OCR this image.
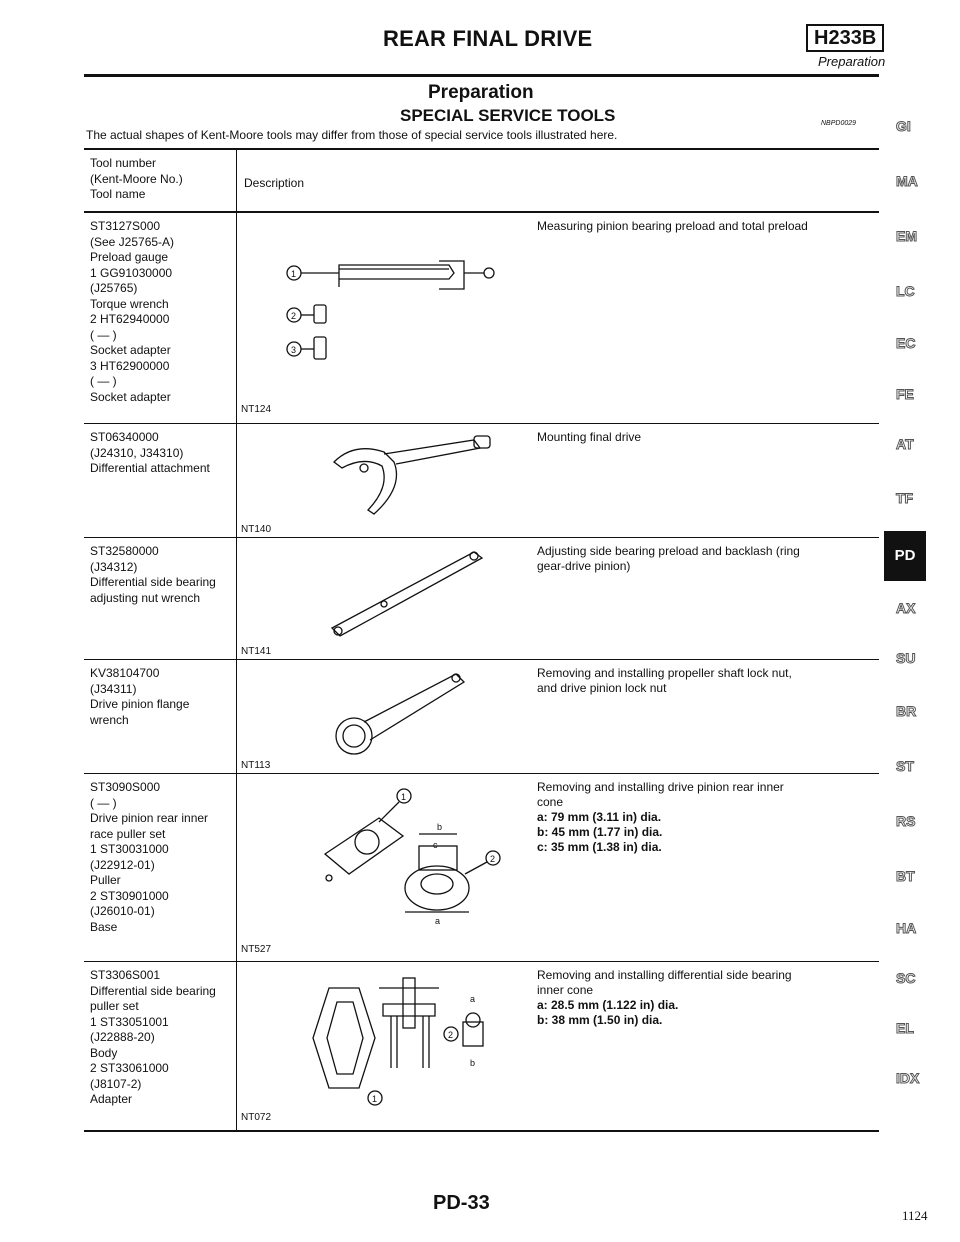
REAR FINAL DRIVE	H233B
Preparation
Preparation
SPECIAL SERVICE TOOLS	NBPD0029
The actual shapes of Kent-Moore tools may differ from those of special service tools illustrated here.
Tool number
(Kent-Moore No.)
Tool name
Description
ST3127S000
(See J25765-A)
Preload gauge
1 GG91030000
(J25765)
Torque wrench
2 HT62940000
( — )
Socket adapter
3 HT62900000
( — )
Socket adapter
1
2
3
NT124
Measuring pinion bearing preload and total preload
ST06340000
(J24310, J34310)
Differential attachment
NT140
Mounting final drive
ST32580000
(J34312)
Differential side bearing
adjusting nut wrench
NT141
Adjusting side bearing preload and backlash (ring
gear-drive pinion)
KV38104700
(J34311)
Drive pinion flange
wrench
NT113
Removing and installing propeller shaft lock nut,
and drive pinion lock nut
ST3090S000
( — )
Drive pinion rear inner
race puller set
1 ST30031000
(J22912-01)
Puller
2 ST30901000
(J26010-01)
Base
1
b
c
a
2
NT527
Removing and installing drive pinion rear inner
cone
a: 79 mm (3.11 in) dia.
b: 45 mm (1.77 in) dia.
c: 35 mm (1.38 in) dia.
ST3306S001
Differential side bearing
puller set
1 ST33051001
(J22888-20)
Body
2 ST33061000
(J8107-2)
Adapter
a
b
2
1
NT072
Removing and installing differential side bearing
inner cone
a: 28.5 mm (1.122 in) dia.
b: 38 mm (1.50 in) dia.
GI
MA
EM
LC
EC
FE
AT
TF
PD
AX
SU
BR
ST
RS
BT
HA
SC
EL
IDX
PD-33
1124
